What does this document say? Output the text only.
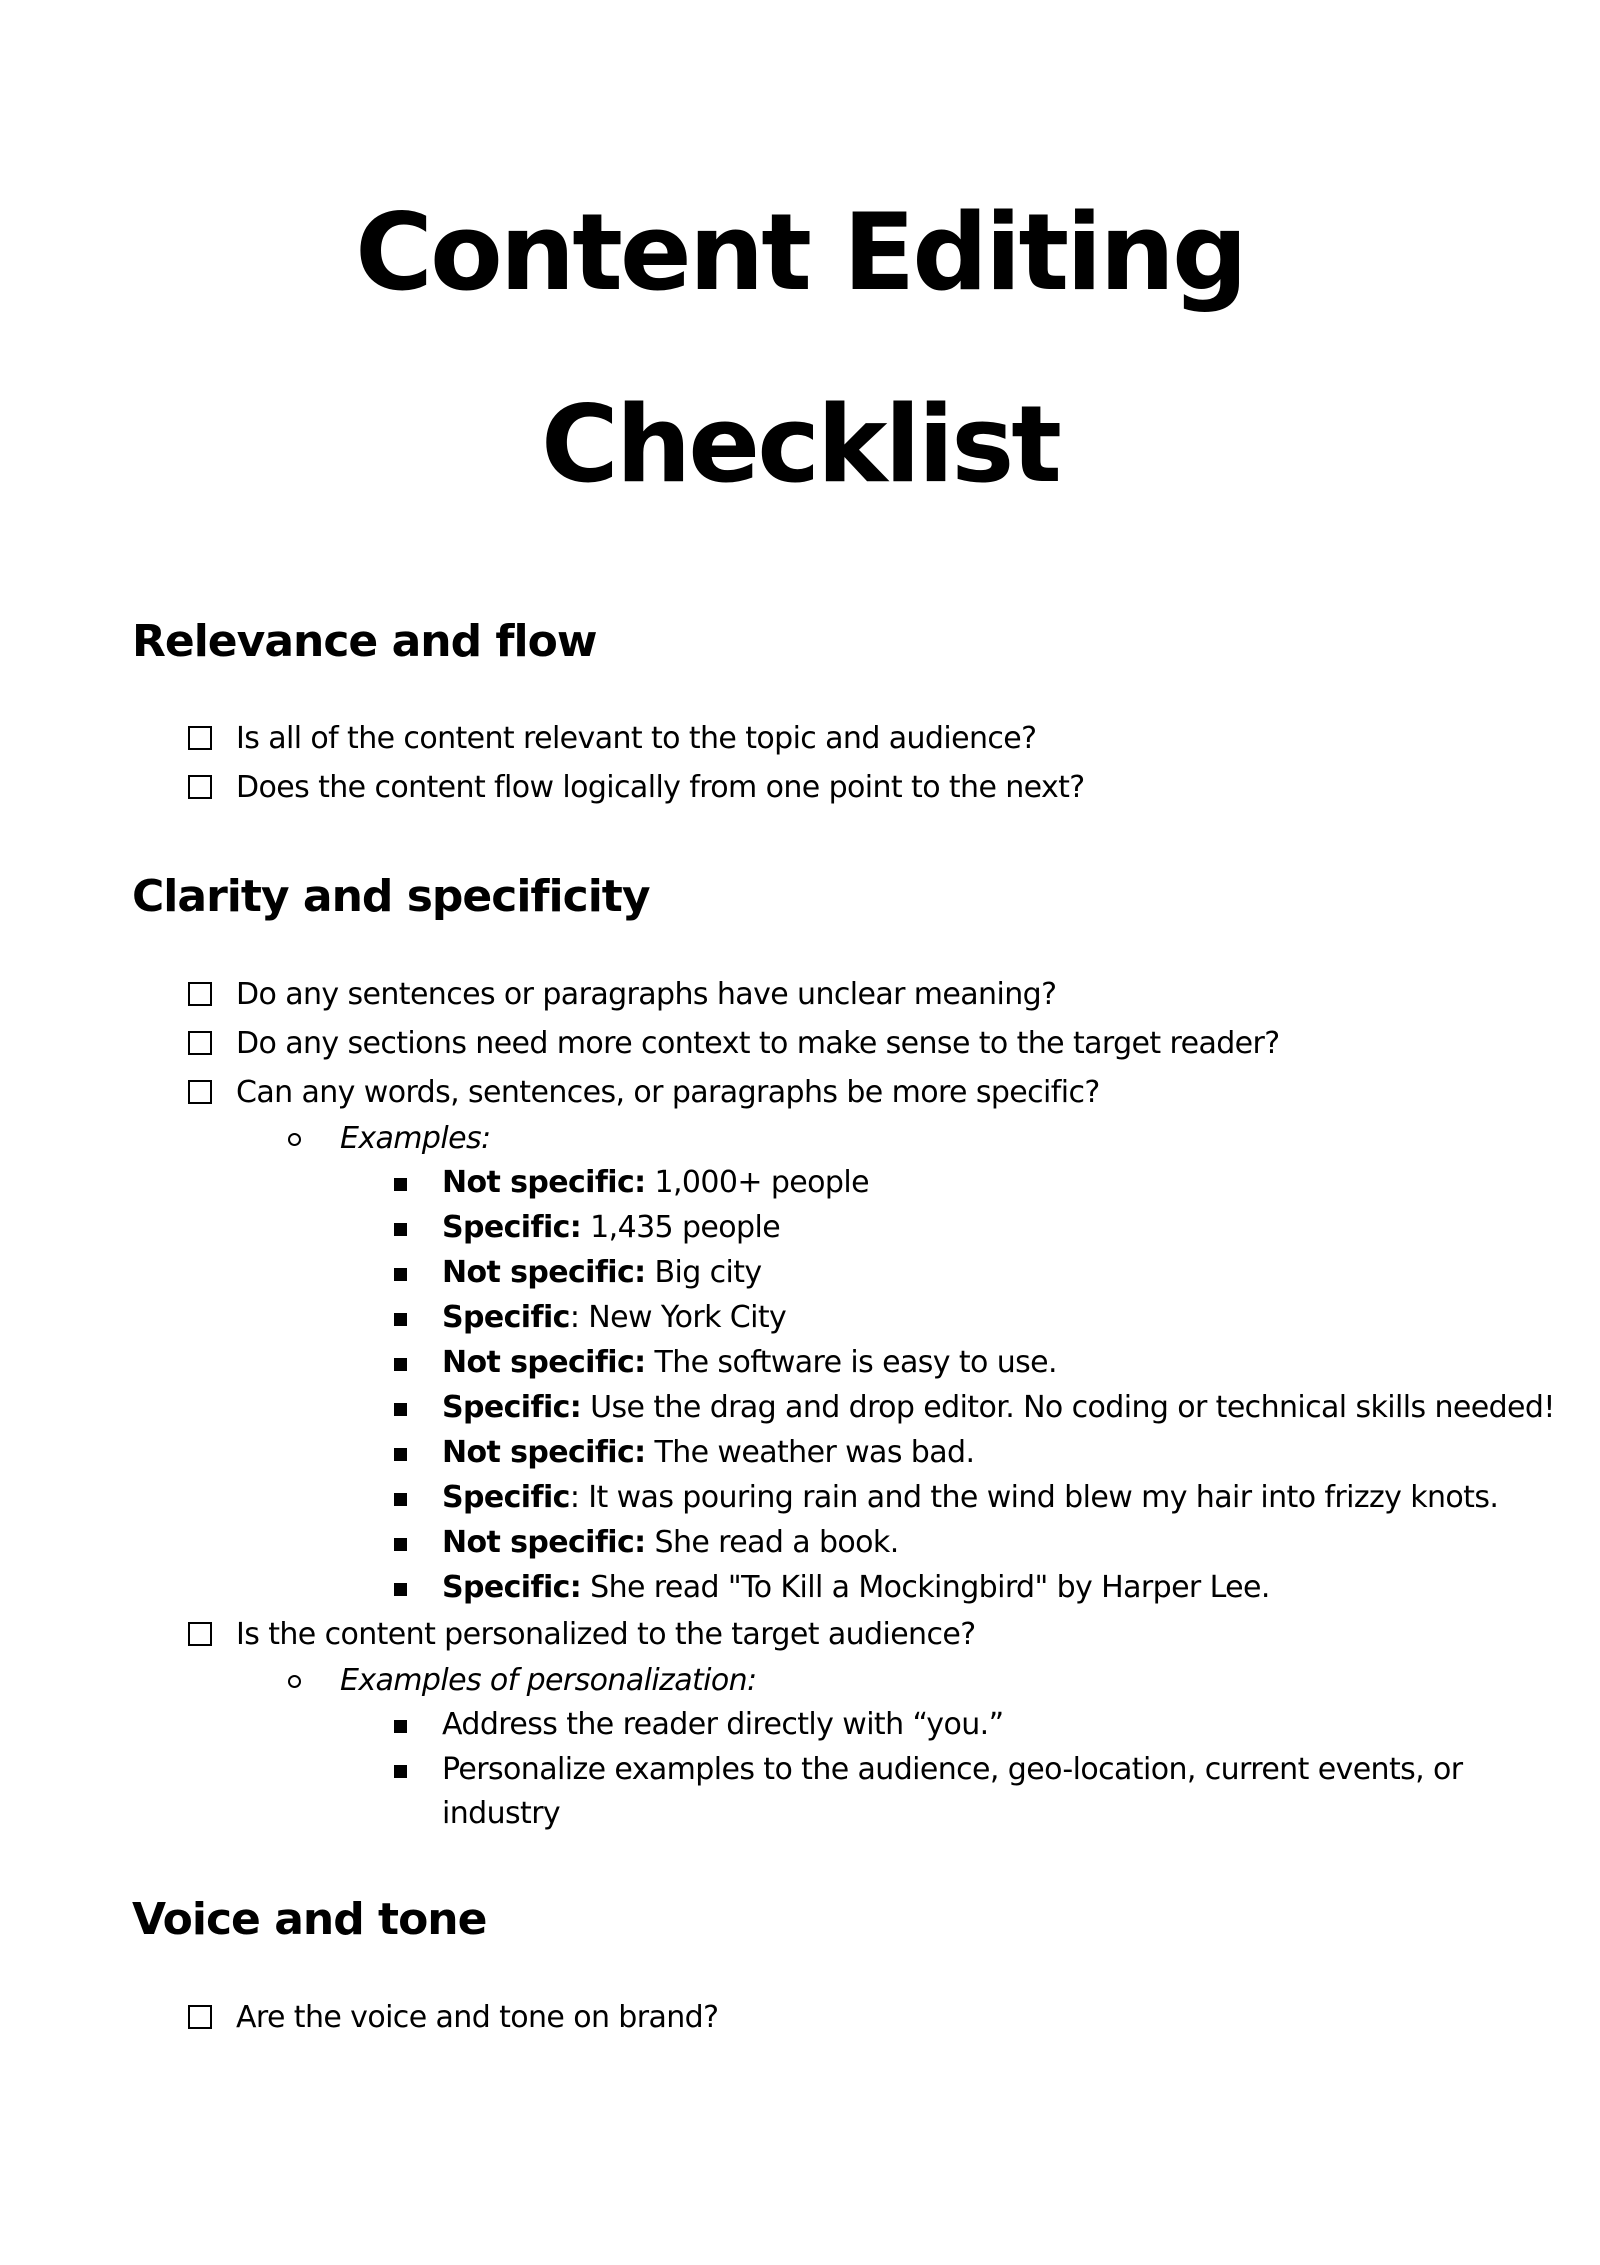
Content Editing
Checklist
Relevance and flow
Is all of the content relevant to the topic and audience?
Does the content flow logically from one point to the next?
Clarity and specificity
Do any sentences or paragraphs have unclear meaning?
Do any sections need more context to make sense to the target reader?
Can any words, sentences, or paragraphs be more specific?
Examples:
Not specific: 1,000+ people
Specific: 1,435 people
Not specific: Big city
Specific: New York City
Not specific: The software is easy to use.
Specific: Use the drag and drop editor. No coding or technical skills needed!
Not specific: The weather was bad.
Specific: It was pouring rain and the wind blew my hair into frizzy knots.
Not specific: She read a book.
Specific: She read "To Kill a Mockingbird" by Harper Lee.
Is the content personalized to the target audience?
Examples of personalization:
Address the reader directly with “you.”
Personalize examples to the audience, geo-location, current events, or industry
Voice and tone
Are the voice and tone on brand?
